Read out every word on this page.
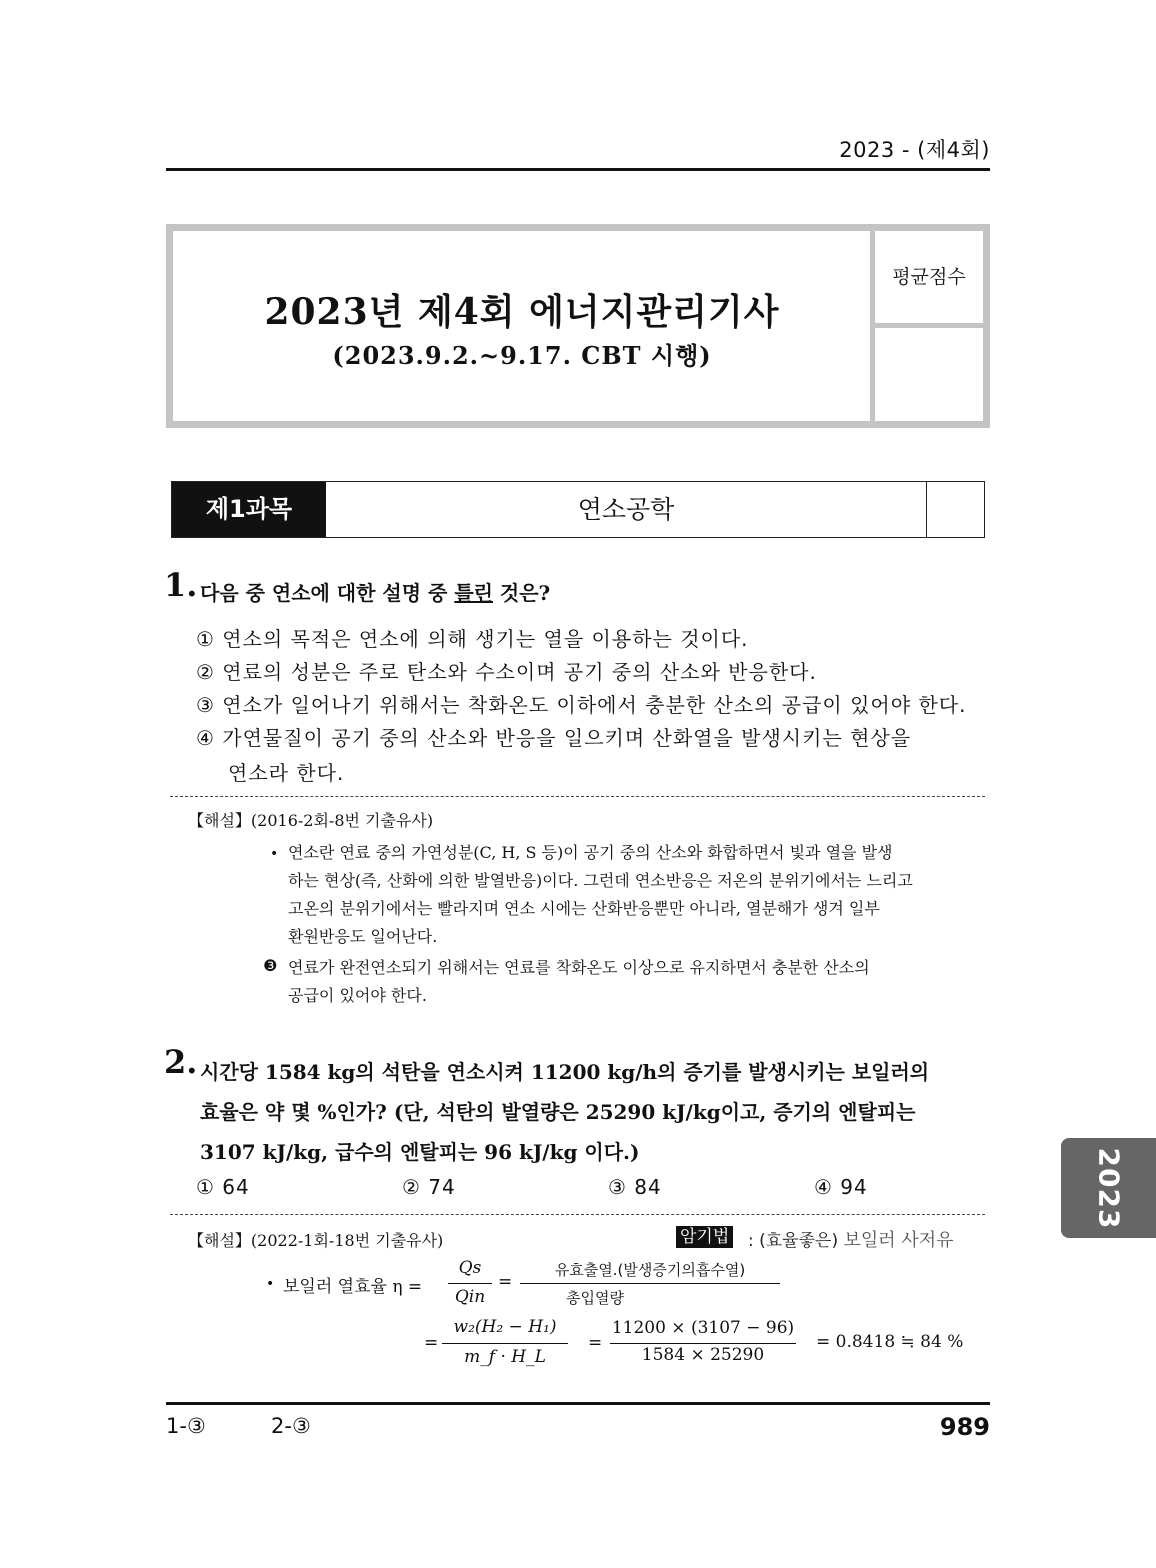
2023 - (제4회)
평균점수
2023년 제4회 에너지관리기사
(2023.9.2.~9.17. CBT 시행)
제1과목	연소공학
1. 다음 중 연소에 대한 설명 중 틀린 것은?
① 연소의 목적은 연소에 의해 생기는 열을 이용하는 것이다.
② 연료의 성분은 주로 탄소와 수소이며 공기 중의 산소와 반응한다.
③ 연소가 일어나기 위해서는 착화온도 이하에서 충분한 산소의 공급이 있어야 한다.
④ 가연물질이 공기 중의 산소와 반응을 일으키며 산화열을 발생시키는 현상을
연소라 한다.
【해설】(2016-2회-8번 기출유사)
• 연소란 연료 중의 가연성분(C, H, S 등)이 공기 중의 산소와 화합하면서 빛과 열을 발생
하는 현상(즉, 산화에 의한 발열반응)이다. 그런데 연소반응은 저온의 분위기에서는 느리고
고온의 분위기에서는 빨라지며 연소 시에는 산화반응뿐만 아니라, 열분해가 생겨 일부
환원반응도 일어난다.
❸ 연료가 완전연소되기 위해서는 연료를 착화온도 이상으로 유지하면서 충분한 산소의
공급이 있어야 한다.
2. 시간당 1584 kg의 석탄을 연소시켜 11200 kg/h의 증기를 발생시키는 보일러의
효율은 약 몇 %인가? (단, 석탄의 발열량은 25290 kJ/kg이고, 증기의 엔탈피는
3107 kJ/kg, 급수의 엔탈피는 96 kJ/kg 이다.)
① 64	② 74	③ 84	④ 94
【해설】(2022-1회-18번 기출유사)	암기법 : (효율좋은) 보일러 사저유
• 보일러 열효율 η =
Qs
Qin
=
유효출열.(발생증기의흡수열)
총입열량
=
w₂(H₂ − H₁)
m_f · H_L
=
11200 × (3107 − 96)
1584 × 25290
= 0.8418 ≒ 84 %
2023
1-③	2-③	989
